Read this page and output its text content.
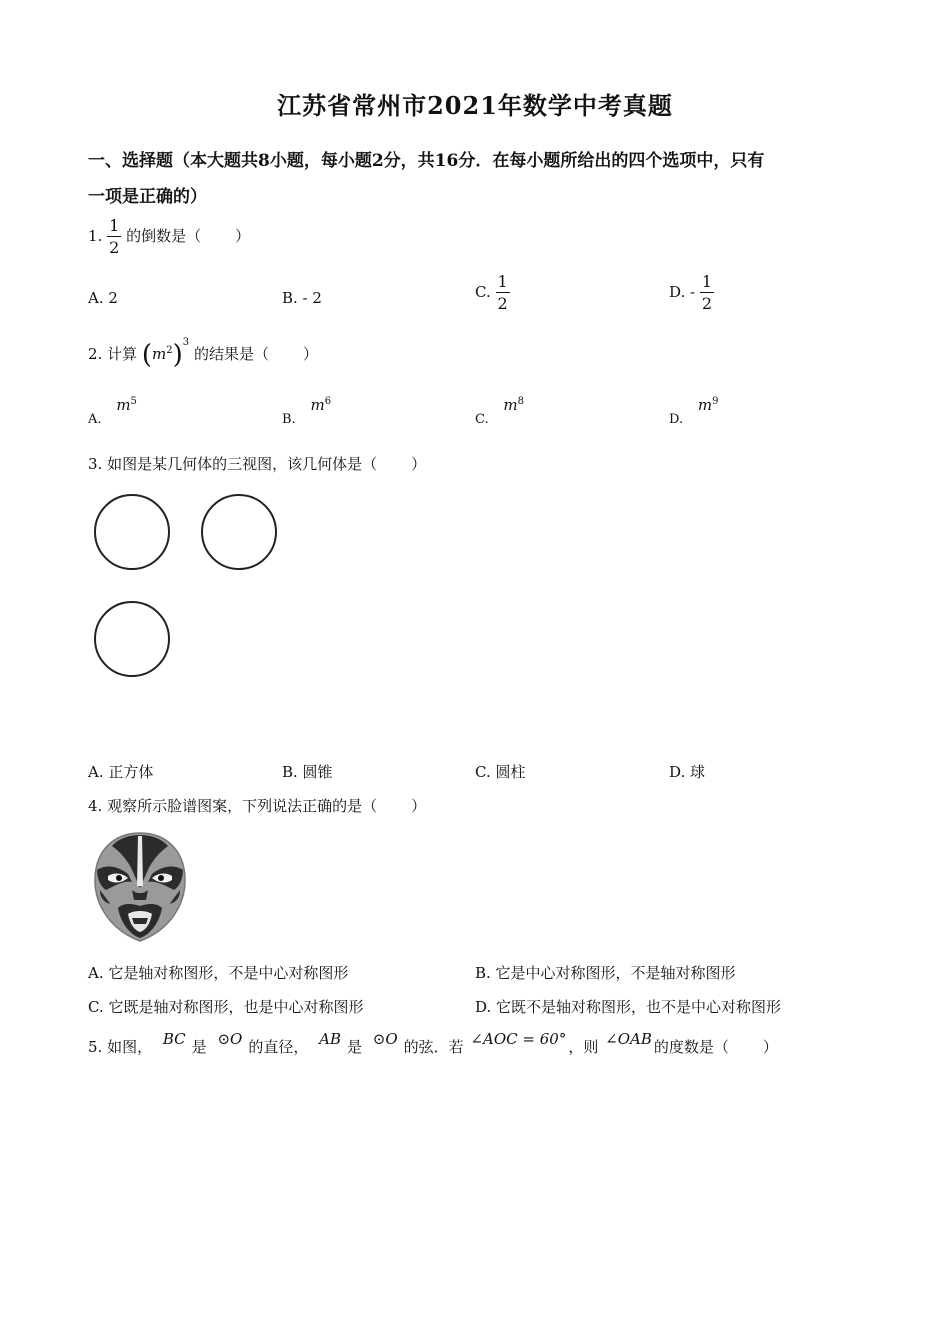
江苏省常州市2021年数学中考真题
一、选择题（本大题共8小题，每小题2分，共16分．在每小题所给出的四个选项中，只有
一项是正确的）
1. $\frac{1}{2}$ 的倒数是（ ）
A. 2	B. - 2	C. $\frac{1}{2}$	D. - $\frac{1}{2}$
2. 计算 $(m^2)^3$ 的结果是（ ）
A. $m^5$
B. $m^6$
C. $m^8$
D. $m^9$
3. 如图是某几何体的三视图，该几何体是（ ）
A. 正方体	B. 圆锥	C. 圆柱	D. 球
4. 观察所示脸谱图案，下列说法正确的是（ ）
A. 它是轴对称图形，不是中心对称图形	B. 它是中心对称图形，不是轴对称图形
C. 它既是轴对称图形，也是中心对称图形	D. 它既不是轴对称图形，也不是中心对称图形
5. 如图， BC 是 ⊙O 的直径， AB 是 ⊙O 的弦．若 ∠AOC = 60° ，则 ∠OAB 的度数是（ ）
